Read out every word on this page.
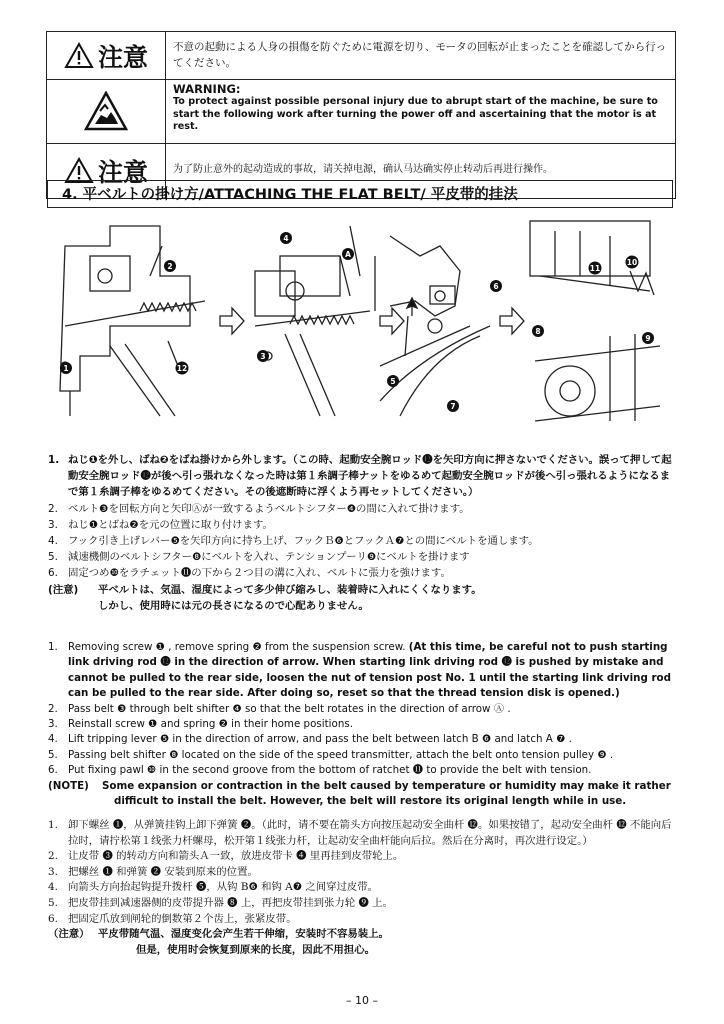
注意 不意の起動による人身の損傷を防ぐために電源を切り、モータの回転が止まったことを確認してから行ってください。
WARNING:
To protect against possible personal injury due to abrupt start of the machine, be sure to start the following work after turning the power off and ascertaining that the motor is at rest.
注意	为了防止意外的起动造成的事故，请关掉电源，确认马达确实停止转动后再进行操作。
4. 平ベルトの掛け方/ATTACHING THE FLAT BELT/ 平皮带的挂法
2
1	12
4
A
3
5
6
7
8
9
11
10
1. ねじ❶を外し、ばね❷をばね掛けから外します。（この時、起動安全腕ロッド⓬を矢印方向に押さないでください。誤って押して起動安全腕ロッド⓬が後へ引っ張れなくなった時は第１糸調子棒ナットをゆるめて起動安全腕ロッドが後へ引っ張れるようになるまで第１糸調子棒をゆるめてください。その後遮断時に浮くよう再セットしてください。）
2. ベルト❸を回転方向と矢印Ⓐが一致するようベルトシフター❹の間に入れて掛けます。
3. ねじ❶とばね❷を元の位置に取り付けます。
4. フック引き上げレバー❺を矢印方向に持ち上げ、フックＢ❻とフックＡ❼との間にベルトを通します。
5. 減速機側のベルトシフター❽にベルトを入れ、テンションプーリ❾にベルトを掛けます
6. 固定つめ❿をラチェット⓫の下から２つ目の溝に入れ、ベルトに張力を強けます。
(注意)	平ベルトは、気温、湿度によって多少伸び縮みし、装着時に入れにくくなります。
しかし、使用時には元の長さになるので心配ありません。
1. Removing screw ❶ , remove spring ❷ from the suspension screw. (At this time, be careful not to push starting link driving rod ⓬ in the direction of arrow. When starting link driving rod ⓬ is pushed by mistake and cannot be pulled to the rear side, loosen the nut of tension post No. 1 until the starting link driving rod can be pulled to the rear side. After doing so, reset so that the thread tension disk is opened.)
2. Pass belt ❸ through belt shifter ❹ so that the belt rotates in the direction of arrow Ⓐ .
3. Reinstall screw ❶ and spring ❷ in their home positions.
4. Lift tripping lever ❺ in the direction of arrow, and pass the belt between latch B ❻ and latch A ❼ .
5. Passing belt shifter ❽ located on the side of the speed transmitter, attach the belt onto tension pulley ❾ .
6. Put fixing pawl ❿ in the second groove from the bottom of ratchet ⓫ to provide the belt with tension.
(NOTE)	Some expansion or contraction in the belt caused by temperature or humidity may make it rather
difficult to install the belt. However, the belt will restore its original length while in use.
1. 卸下螺丝 ❶，从弹簧挂钩上卸下弹簧 ❷。（此时，请不要在箭头方向按压起动安全曲杆 ⓬。如果按错了，起动安全曲杆 ⓬ 不能向后拉时，请拧松第１线张力杆螺母，松开第１线张力杆，让起动安全曲杆能向后拉。然后在分离时，再次进行设定。）
2. 让皮带 ❸ 的转动方向和箭头Ａ一致，放进皮带卡 ❹ 里再挂到皮带轮上。
3. 把螺丝 ❶ 和弹簧 ❷ 安装到原来的位置。
4. 向箭头方向抬起钩提升拨杆 ❺，从钩 B❻ 和钩 A❼ 之间穿过皮带。
5. 把皮带挂到减速器侧的皮带提升器 ❽ 上，再把皮带挂到张力轮 ❾ 上。
6. 把固定爪放到闸轮的倒数第２个齿上，张紧皮带。
（注意） 平皮带随气温、湿度变化会产生若干伸缩，安装时不容易装上。
但是，使用时会恢复到原来的长度，因此不用担心。
– 10 –
